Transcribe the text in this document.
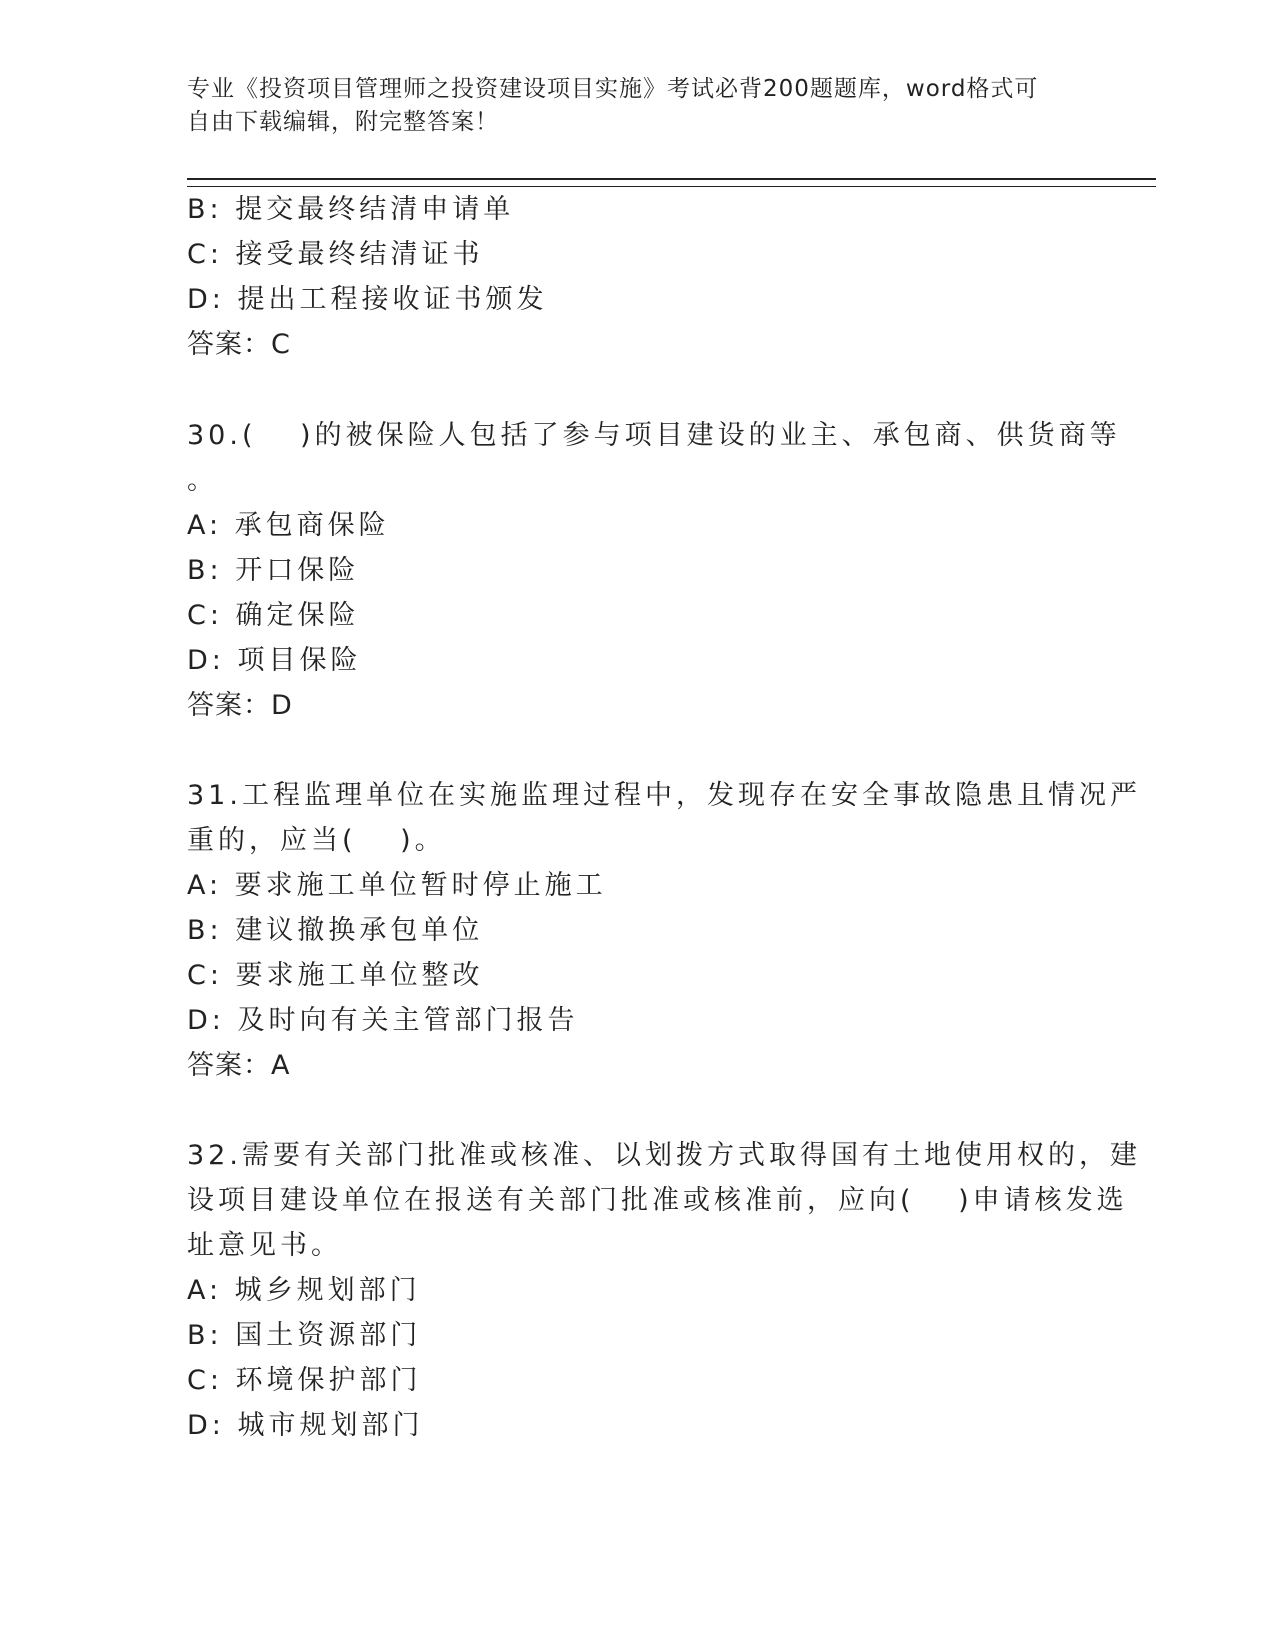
专业《投资项目管理师之投资建设项目实施》考试必背200题题库，word格式可
自由下载编辑，附完整答案！
B: 提交最终结清申请单
C: 接受最终结清证书
D: 提出工程接收证书颁发
答案：C
30.(　 )的被保险人包括了参与项目建设的业主、承包商、供货商等
。
A: 承包商保险
B: 开口保险
C: 确定保险
D: 项目保险
答案：D
31.工程监理单位在实施监理过程中，发现存在安全事故隐患且情况严
重的，应当(　 )。
A: 要求施工单位暂时停止施工
B: 建议撤换承包单位
C: 要求施工单位整改
D: 及时向有关主管部门报告
答案：A
32.需要有关部门批准或核准、以划拨方式取得国有土地使用权的，建
设项目建设单位在报送有关部门批准或核准前，应向(　 )申请核发选
址意见书。
A: 城乡规划部门
B: 国土资源部门
C: 环境保护部门
D: 城市规划部门
